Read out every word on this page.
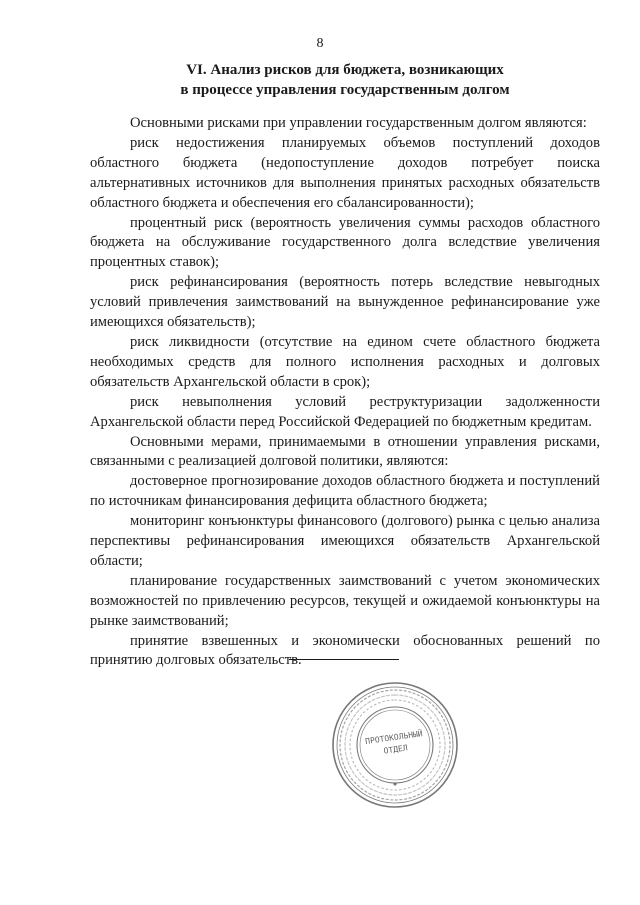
8
VI. Анализ рисков для бюджета, возникающих
в процессе управления государственным долгом

Основными рисками при управлении государственным долгом являются:

риск недостижения планируемых объемов поступлений доходов областного бюджета (недопоступление доходов потребует поиска альтернативных источников для выполнения принятых расходных обязательств областного бюджета и обеспечения его сбалансированности);

процентный риск (вероятность увеличения суммы расходов областного бюджета на обслуживание государственного долга вследствие увеличения процентных ставок);

риск рефинансирования (вероятность потерь вследствие невыгодных условий привлечения заимствований на вынужденное рефинансирование уже имеющихся обязательств);

риск ликвидности (отсутствие на едином счете областного бюджета необходимых средств для полного исполнения расходных и долговых обязательств Архангельской области в срок);

риск невыполнения условий реструктуризации задолженности Архангельской области перед Российской Федерацией по бюджетным кредитам.

Основными мерами, принимаемыми в отношении управления рисками, связанными с реализацией долговой политики, являются:

достоверное прогнозирование доходов областного бюджета и поступлений по источникам финансирования дефицита областного бюджета;

мониторинг конъюнктуры финансового (долгового) рынка с целью анализа перспективы рефинансирования имеющихся обязательств Архангельской области;

планирование государственных заимствований с учетом экономических возможностей по привлечению ресурсов, текущей и ожидаемой конъюнктуры на рынке заимствований;

принятие взвешенных и экономически обоснованных решений по принятию долговых обязательств.

ПРОТОКОЛЬНЫЙ
ОТДЕЛ
